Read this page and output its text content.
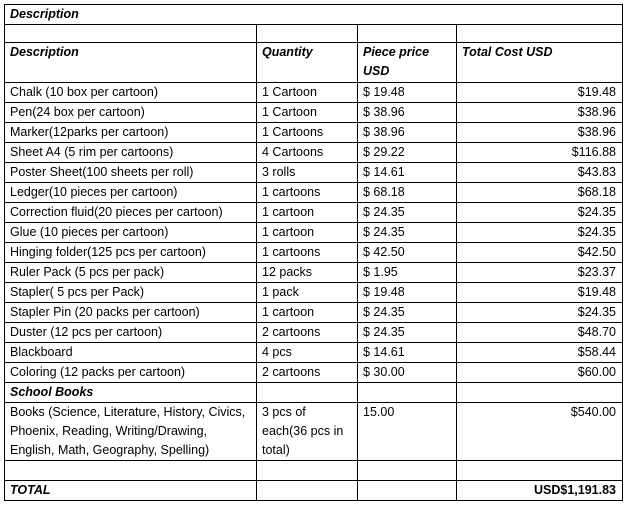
Description			

Description	Quantity	Piece price USD	Total Cost USD
Chalk (10 box per cartoon)	1 Cartoon	$ 19.48	$19.48
Pen(24 box per cartoon)	1 Cartoon	$ 38.96	$38.96
Marker(12parks per cartoon)	1 Cartoons	$ 38.96	$38.96
Sheet A4 (5 rim per cartoons)	4 Cartoons	$ 29.22	$116.88
Poster Sheet(100 sheets per roll)	3 rolls	$ 14.61	$43.83
Ledger(10 pieces per cartoon)	1 cartoons	$ 68.18	$68.18
Correction fluid(20 pieces per cartoon)	1 cartoon	$ 24.35	$24.35
Glue (10 pieces per cartoon)	1 cartoon	$ 24.35	$24.35
Hinging folder(125 pcs per cartoon)	1 cartoons	$ 42.50	$42.50
Ruler Pack (5 pcs per pack)	12 packs	$ 1.95	$23.37
Stapler( 5 pcs per Pack)	1 pack	$ 19.48	$19.48
Stapler Pin (20 packs per cartoon)	1 cartoon	$ 24.35	$24.35
Duster (12 pcs per cartoon)	2 cartoons	$ 24.35	$48.70
Blackboard	4 pcs	$ 14.61	$58.44
Coloring (12 packs per cartoon)	2 cartoons	$ 30.00	$60.00
School Books			
Books (Science, Literature, History, Civics, Phoenix, Reading, Writing/Drawing, English, Math, Geography, Spelling)	3 pcs of each(36 pcs in total)	15.00	$540.00

TOTAL			USD$1,191.83
